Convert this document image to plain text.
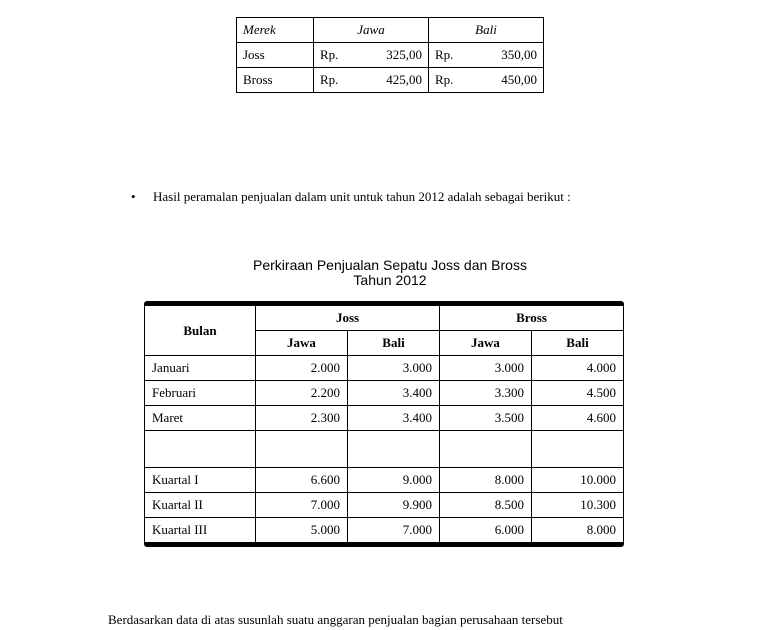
Merek	Jawa	Bali
Joss	Rp. 325,00	Rp. 350,00

Bross	Rp. 425,00	Rp. 450,00
•	Hasil peramalan penjualan dalam unit untuk tahun 2012 adalah sebagai berikut :
Perkiraan Penjualan Sepatu Joss dan Bross
Tahun 2012
Bulan	Joss		Bross	
	Jawa	Bali	Jawa	Bali
Januari	2.000	3.000	3.000	4.000
Februari	2.200	3.400	3.300	4.500
Maret	2.300	3.400	3.500	4.600

Kuartal I	6.600	9.000	8.000	10.000
Kuartal II	7.000	9.900	8.500	10.300
Kuartal III	5.000	7.000	6.000	8.000
Berdasarkan data di atas susunlah suatu anggaran penjualan bagian perusahaan tersebut
